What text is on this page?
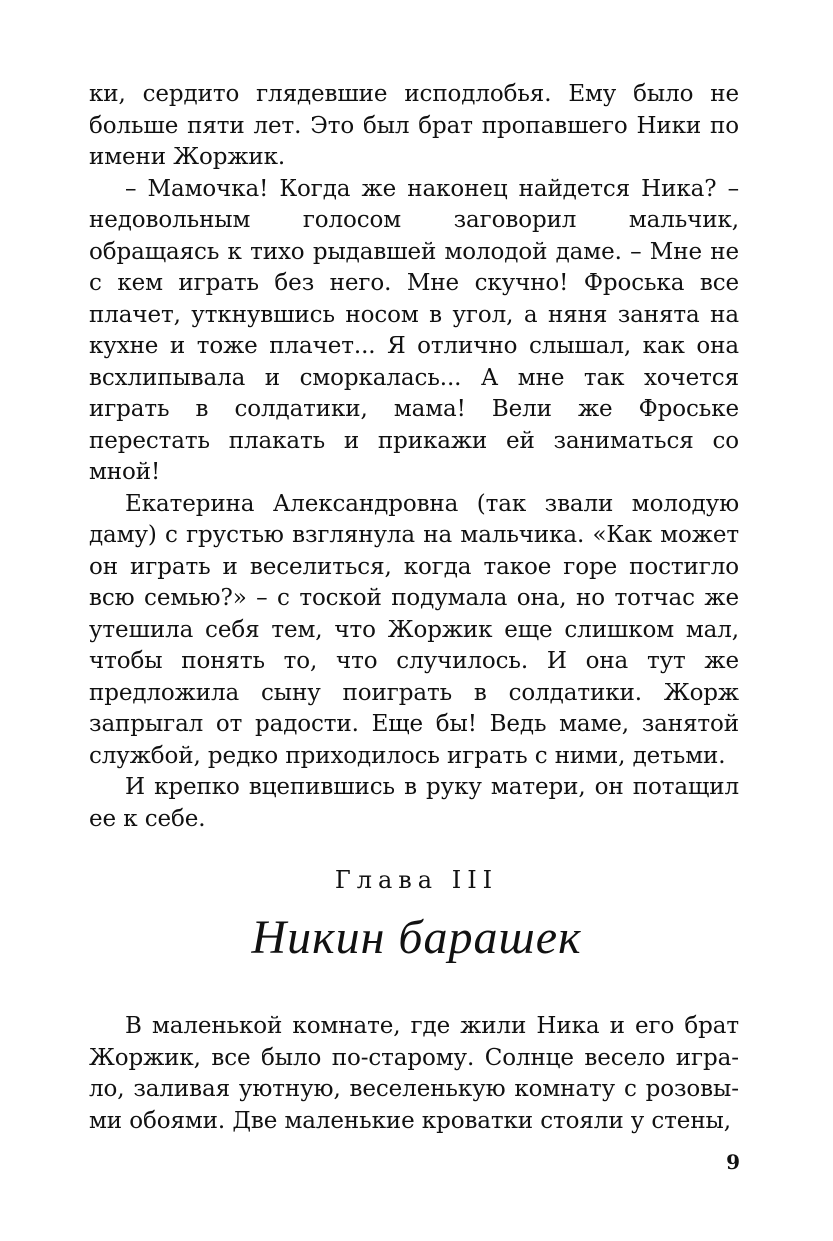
ки, сердито глядевшие исподлобья. Ему было не больше пяти лет. Это был брат пропавшего Ники по имени Жоржик.

– Мамочка! Когда же наконец найдется Ника? – недовольным голосом заговорил мальчик, обращаясь к тихо рыдавшей молодой даме. – Мне не с кем играть без него. Мне скучно! Фроська все плачет, уткнувшись носом в угол, а няня занята на кухне и тоже плачет... Я отлично слышал, как она всхлипывала и сморкалась... А мне так хочется играть в солдатики, мама! Вели же Фроське перестать плакать и прикажи ей заниматься со мной!

Екатерина Александровна (так звали молодую даму) с грустью взглянула на мальчика. «Как может он играть и веселиться, когда такое горе постигло всю семью?» – с тоской подумала она, но тотчас же утешила себя тем, что Жоржик еще слишком мал, чтобы понять то, что случилось. И она тут же предложила сыну поиграть в солдатики. Жорж запрыгал от радости. Еще бы! Ведь маме, занятой службой, редко приходилось играть с ними, детьми.

И крепко вцепившись в руку матери, он потащил ее к себе.

Глава III
Никин барашек

В маленькой комнате, где жили Ника и его брат Жоржик, все было по-старому. Солнце весело играло, заливая уютную, веселенькую комнату с розовыми обоями. Две маленькие кроватки стояли у стены,

9
